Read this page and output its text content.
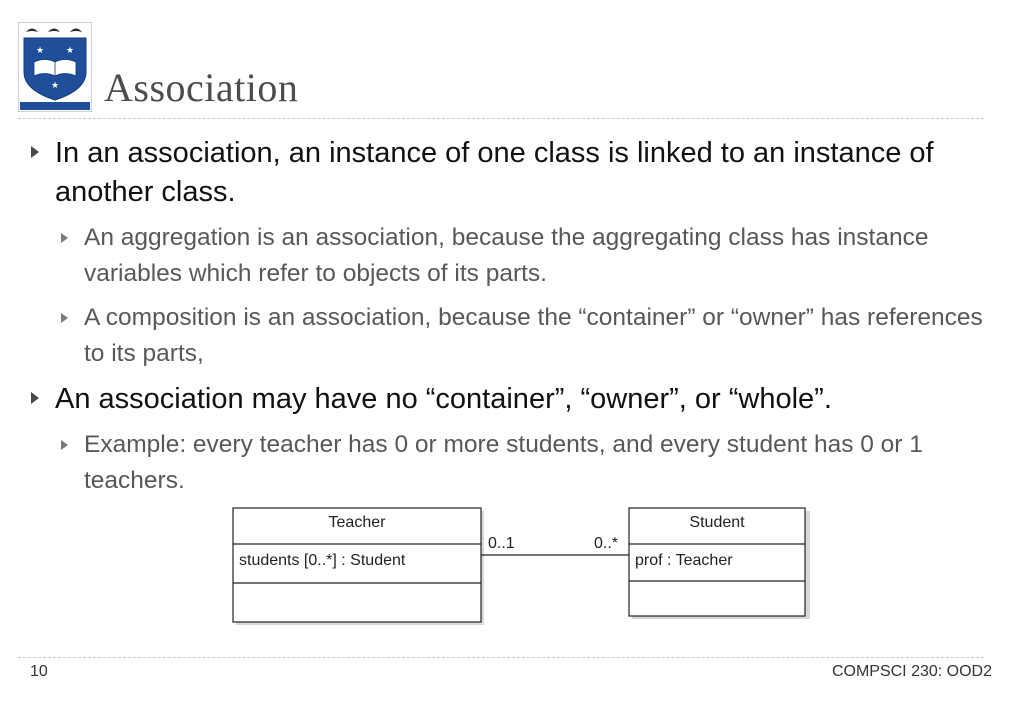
★ ★
★ Association
In an association, an instance of one class is linked to an instance of another class.
An aggregation is an association, because the aggregating class has instance variables which refer to objects of its parts.
A composition is an association, because the “container” or “owner” has references to its parts,
An association may have no “container”, “owner”, or “whole”.
Example: every teacher has 0 or more students, and every student has 0 or 1 teachers.
Teacher
students [0..*] : Student
Student
prof : Teacher
0..1	0..*
10	COMPSCI 230: OOD2
